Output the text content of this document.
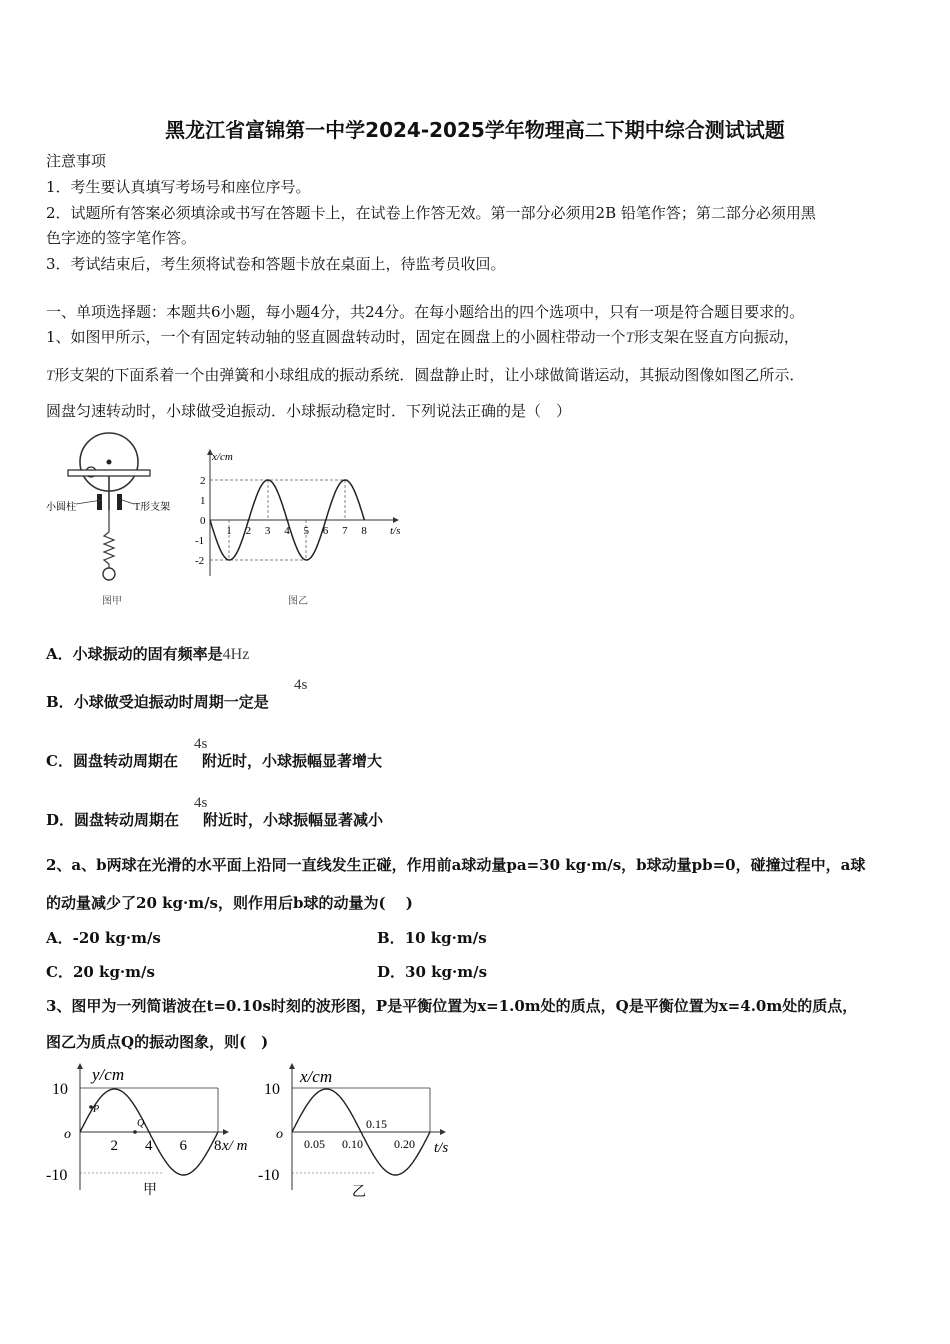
黑龙江省富锦第一中学2024-2025学年物理高二下期中综合测试试题
注意事项
1．考生要认真填写考场号和座位序号。
2．试题所有答案必须填涂或书写在答题卡上，在试卷上作答无效。第一部分必须用2B 铅笔作答；第二部分必须用黑
色字迹的签字笔作答。
3．考试结束后，考生须将试卷和答题卡放在桌面上，待监考员收回。
一、单项选择题：本题共6小题，每小题4分，共24分。在每小题给出的四个选项中，只有一项是符合题目要求的。
1、如图甲所示，一个有固定转动轴的竖直圆盘转动时，固定在圆盘上的小圆柱带动一个T形支架在竖直方向振动，
T形支架的下面系着一个由弹簧和小球组成的振动系统．圆盘静止时，让小球做简谐运动，其振动图像如图乙所示．
圆盘匀速转动时，小球做受迫振动．小球振动稳定时．下列说法正确的是（　）
小圆柱	T形支架
图甲
x/cm
t/s
2
1
0
-1
-2
1 2 3 4 5 6 7 8
图乙
A．小球振动的固有频率是4Hz
B．小球做受迫振动时周期一定是
4s
C．圆盘转动周期在 附近时，小球振幅显著增大
4s
D．圆盘转动周期在 附近时，小球振幅显著减小
4s
2、a、b两球在光滑的水平面上沿同一直线发生正碰，作用前a球动量pa=30 kg·m/s，b球动量pb=0，碰撞过程中，a球
的动量减少了20 kg·m/s，则作用后b球的动量为(　 )
A．-20 kg·m/s	B．10 kg·m/s
C．20 kg·m/s	D．30 kg·m/s
3、图甲为一列简谐波在t=0.10s时刻的波形图，P是平衡位置为x=1.0m处的质点，Q是平衡位置为x=4.0m处的质点，
图乙为质点Q的振动图象，则(　)
y/cm
x/ m
10
-10
o
P
Q
2 4 6 8
甲
x/cm
t/s
10
-10
o
0.05 0.10
0.15
0.20
乙
